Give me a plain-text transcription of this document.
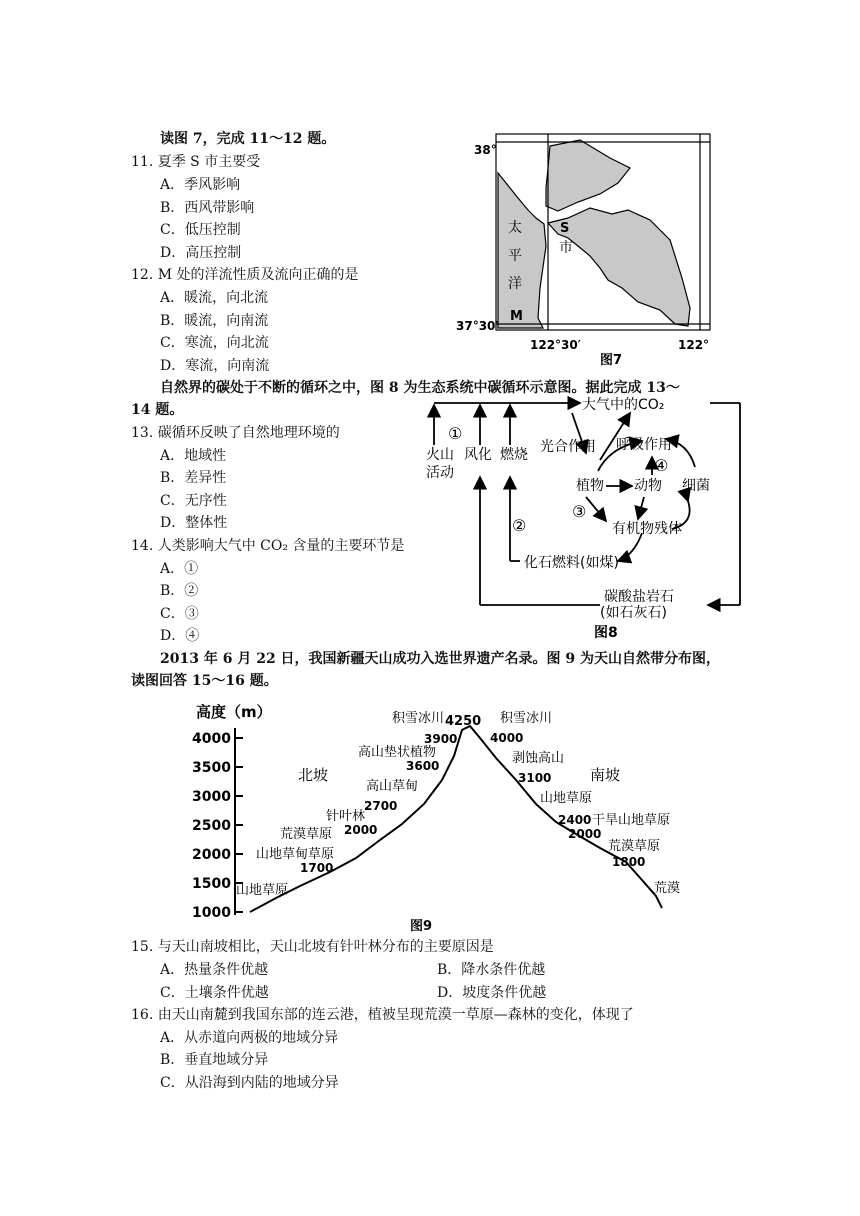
读图 7，完成 11～12 题。
11. 夏季 S 市主要受
A．季风影响
B．西风带影响
C．低压控制
D．高压控制
12. M 处的洋流性质及流向正确的是
A．暖流，向北流
B．暖流，向南流
C．寒流，向北流
D．寒流，向南流
38°
37°30′
122°30′	122°
太
平
洋
M
S
市
图7
自然界的碳处于不断的循环之中，图 8 为生态系统中碳循环示意图。据此完成 13～
14 题。
13. 碳循环反映了自然地理环境的
A．地域性
B．差异性
C．无序性
D．整体性
14. 人类影响大气中 CO₂ 含量的主要环节是
A．①
B．②
C．③
D．④
大气中的CO₂
光合作用 呼吸作用
植物 动物 细菌
有机物残体
化石燃料(如煤)
碳酸盐岩石
(如石灰石)
火山
活动
风化 燃烧
①
②
③
④
图8
2013 年 6 月 22 日，我国新疆天山成功入选世界遗产名录。图 9 为天山自然带分布图，
读图回答 15～16 题。
高度（m）
4000
3500
3000
2500
2000
1500
1000
北坡	南坡
积雪冰川 4250 积雪冰川
3900
高山垫状植物
3600
高山草甸
2700
针叶林
2000
荒漠草原
山地草甸草原
1700
山地草原
4000
剥蚀高山
3100
山地草原
2400 干旱山地草原
2000
荒漠草原
1800
荒漠
图9
15. 与天山南坡相比，天山北坡有针叶林分布的主要原因是
A．热量条件优越	B．降水条件优越
C．土壤条件优越	D．坡度条件优越
16. 由天山南麓到我国东部的连云港，植被呈现荒漠一草原—森林的变化，体现了
A．从赤道向两极的地域分异
B．垂直地域分异
C．从沿海到内陆的地域分异
